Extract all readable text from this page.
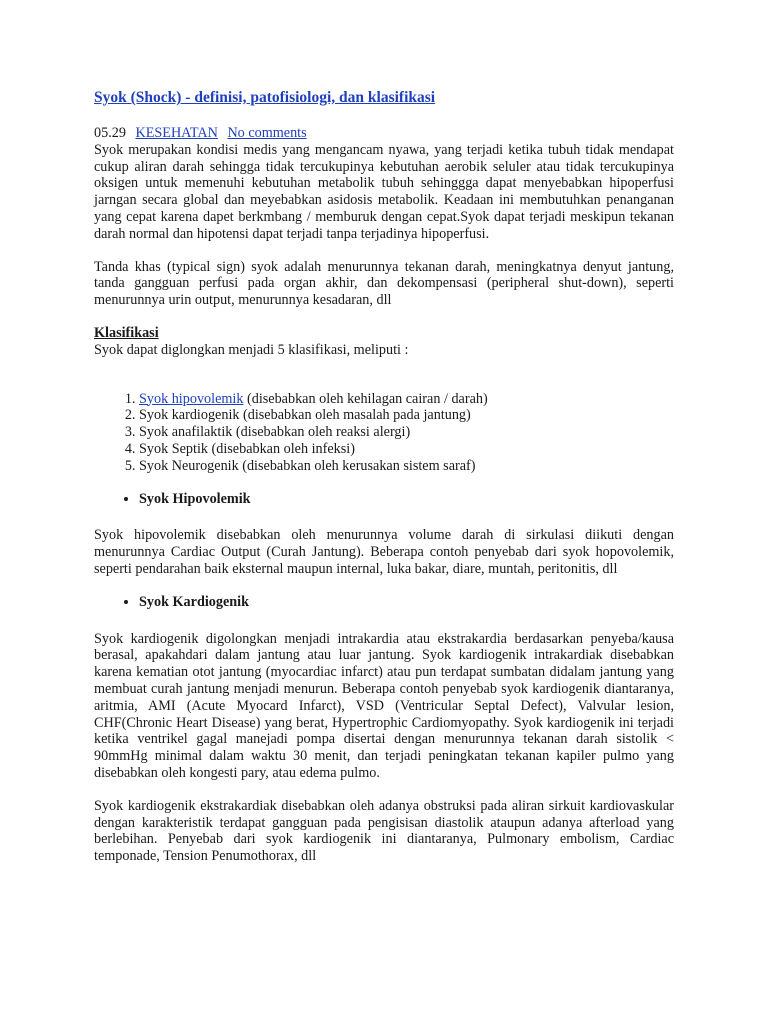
Syok (Shock) - definisi, patofisiologi, dan klasifikasi
05.29 KESEHATAN No comments

Syok merupakan kondisi medis yang mengancam nyawa, yang terjadi ketika tubuh tidak mendapat cukup aliran darah sehingga tidak tercukupinya kebutuhan aerobik seluler atau tidak tercukupinya oksigen untuk memenuhi kebutuhan metabolik tubuh sehinggga dapat menyebabkan hipoperfusi jarngan secara global dan meyebabkan asidosis metabolik. Keadaan ini membutuhkan penanganan yang cepat karena dapet berkmbang / memburuk dengan cepat.Syok dapat terjadi meskipun tekanan darah normal dan hipotensi dapat terjadi tanpa terjadinya hipoperfusi.

Tanda khas (typical sign) syok adalah menurunnya tekanan darah, meningkatnya denyut jantung, tanda gangguan perfusi pada organ akhir, dan dekompensasi (peripheral shut-down), seperti menurunnya urin output, menurunnya kesadaran, dll

Klasifikasi

Syok dapat diglongkan menjadi 5 klasifikasi, meliputi :

1. Syok hipovolemik (disebabkan oleh kehilagan cairan / darah)
2. Syok kardiogenik (disebabkan oleh masalah pada jantung)
3. Syok anafilaktik (disebabkan oleh reaksi alergi)
4. Syok Septik (disebabkan oleh infeksi)
5. Syok Neurogenik (disebabkan oleh kerusakan sistem saraf)
• Syok Hipovolemik

Syok hipovolemik disebabkan oleh menurunnya volume darah di sirkulasi diikuti dengan menurunnya Cardiac Output (Curah Jantung). Beberapa contoh penyebab dari syok hopovolemik, seperti pendarahan baik eksternal maupun internal, luka bakar, diare, muntah, peritonitis, dll

• Syok Kardiogenik

Syok kardiogenik digolongkan menjadi intrakardia atau ekstrakardia berdasarkan penyeba/kausa berasal, apakahdari dalam jantung atau luar jantung. Syok kardiogenik intrakardiak disebabkan karena kematian otot jantung (myocardiac infarct) atau pun terdapat sumbatan didalam jantung yang membuat curah jantung menjadi menurun. Beberapa contoh penyebab syok kardiogenik diantaranya, aritmia, AMI (Acute Myocard Infarct), VSD (Ventricular Septal Defect), Valvular lesion, CHF(Chronic Heart Disease) yang berat, Hypertrophic Cardiomyopathy. Syok kardiogenik ini terjadi ketika ventrikel gagal manejadi pompa disertai dengan menurunnya tekanan darah sistolik < 90mmHg minimal dalam waktu 30 menit, dan terjadi peningkatan tekanan kapiler pulmo yang disebabkan oleh kongesti pary, atau edema pulmo.

Syok kardiogenik ekstrakardiak disebabkan oleh adanya obstruksi pada aliran sirkuit kardiovaskular dengan karakteristik terdapat gangguan pada pengisisan diastolik ataupun adanya afterload yang berlebihan. Penyebab dari syok kardiogenik ini diantaranya, Pulmonary embolism, Cardiac temponade, Tension Penumothorax, dll
